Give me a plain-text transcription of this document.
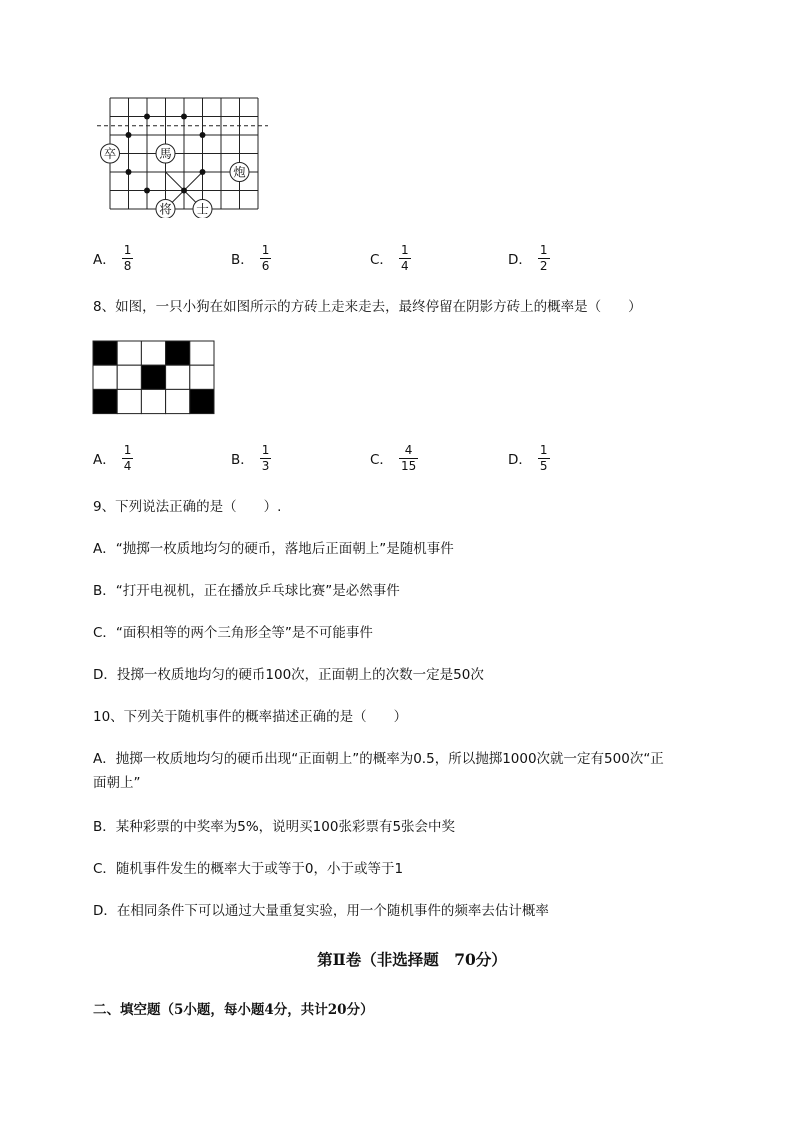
卒	馬
炮
将 士
A． $\frac{1}{8}$	B． $\frac{1}{6}$	C． $\frac{1}{4}$	D． $\frac{1}{2}$
8、如图，一只小狗在如图所示的方砖上走来走去，最终停留在阴影方砖上的概率是（　　）
A． $\frac{1}{4}$	B． $\frac{1}{3}$	C． $\frac{4}{15}$	D． $\frac{1}{5}$
9、下列说法正确的是（　　）.
A．“抛掷一枚质地均匀的硬币，落地后正面朝上”是随机事件
B．“打开电视机，正在播放乒乓球比赛”是必然事件
C．“面积相等的两个三角形全等”是不可能事件
D．投掷一枚质地均匀的硬币100次，正面朝上的次数一定是50次
10、下列关于随机事件的概率描述正确的是（　　）
A．抛掷一枚质地均匀的硬币出现“正面朝上”的概率为0.5，所以抛掷1000次就一定有500次“正
面朝上”
B．某种彩票的中奖率为5%，说明买100张彩票有5张会中奖
C．随机事件发生的概率大于或等于0，小于或等于1
D．在相同条件下可以通过大量重复实验，用一个随机事件的频率去估计概率
第Ⅱ卷（非选择题　70分）
二、填空题（5小题，每小题4分，共计20分）
